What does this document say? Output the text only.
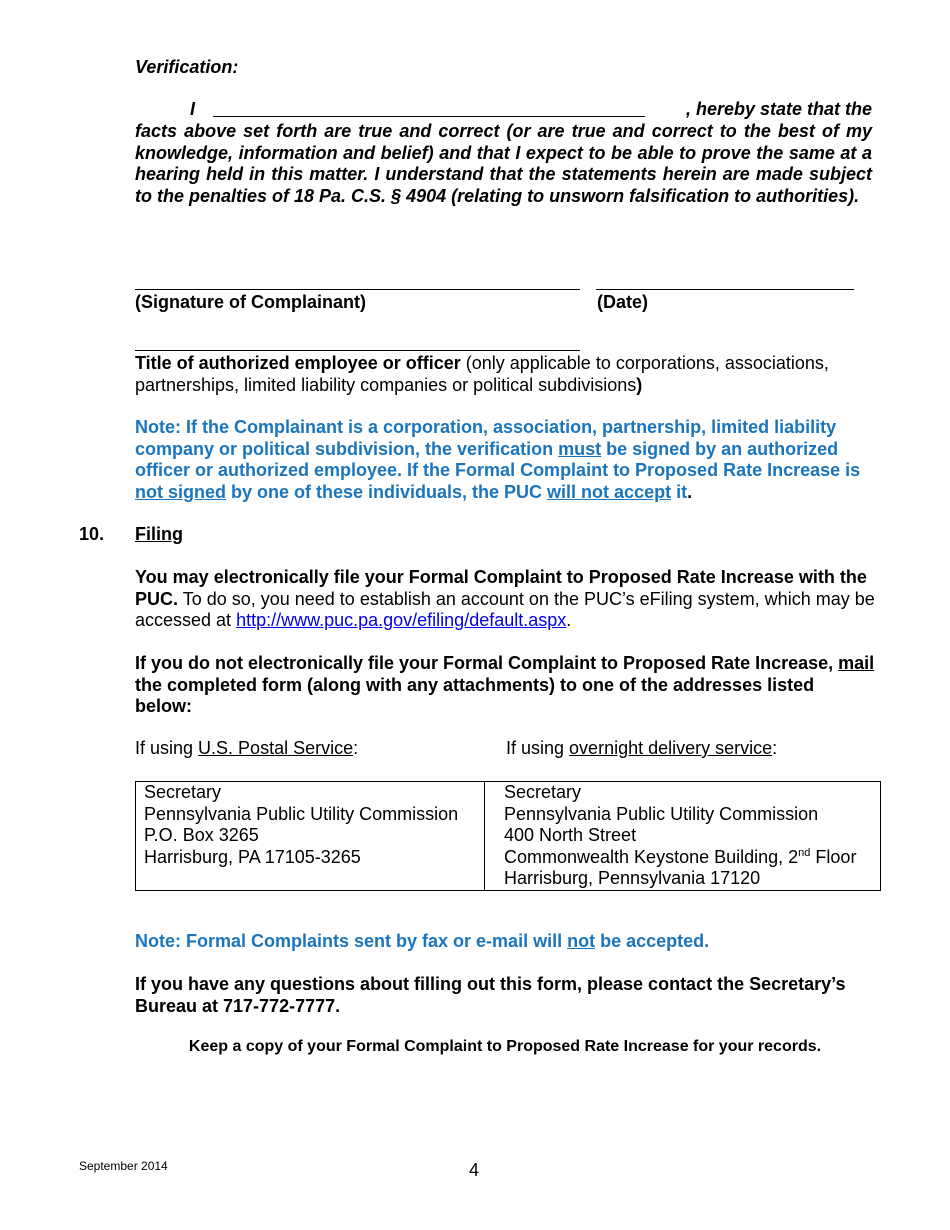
Verification:
I	, hereby state that the
facts above set forth are true and correct (or are true and correct to the best of my knowledge, information and belief) and that I expect to be able to prove the same at a hearing held in this matter. I understand that the statements herein are made subject to the penalties of 18 Pa. C.S. § 4904 (relating to unsworn falsification to authorities).
(Signature of Complainant)	(Date)
Title of authorized employee or officer (only applicable to corporations, associations, partnerships, limited liability companies or political subdivisions)
Note: If the Complainant is a corporation, association, partnership, limited liability company or political subdivision, the verification must be signed by an authorized officer or authorized employee. If the Formal Complaint to Proposed Rate Increase is not signed by one of these individuals, the PUC will not accept it.
10. Filing
You may electronically file your Formal Complaint to Proposed Rate Increase with the PUC. To do so, you need to establish an account on the PUC’s eFiling system, which may be accessed at http://www.puc.pa.gov/efiling/default.aspx.
If you do not electronically file your Formal Complaint to Proposed Rate Increase, mail the completed form (along with any attachments) to one of the addresses listed below:
If using U.S. Postal Service:	If using overnight delivery service:
Secretary
Pennsylvania Public Utility Commission
P.O. Box 3265
Harrisburg, PA 17105-3265

Secretary
Pennsylvania Public Utility Commission
400 North Street
Commonwealth Keystone Building, 2nd Floor
Harrisburg, Pennsylvania 17120
Note: Formal Complaints sent by fax or e-mail will not be accepted.
If you have any questions about filling out this form, please contact the Secretary’s Bureau at 717-772-7777.
Keep a copy of your Formal Complaint to Proposed Rate Increase for your records.
September 2014	4
